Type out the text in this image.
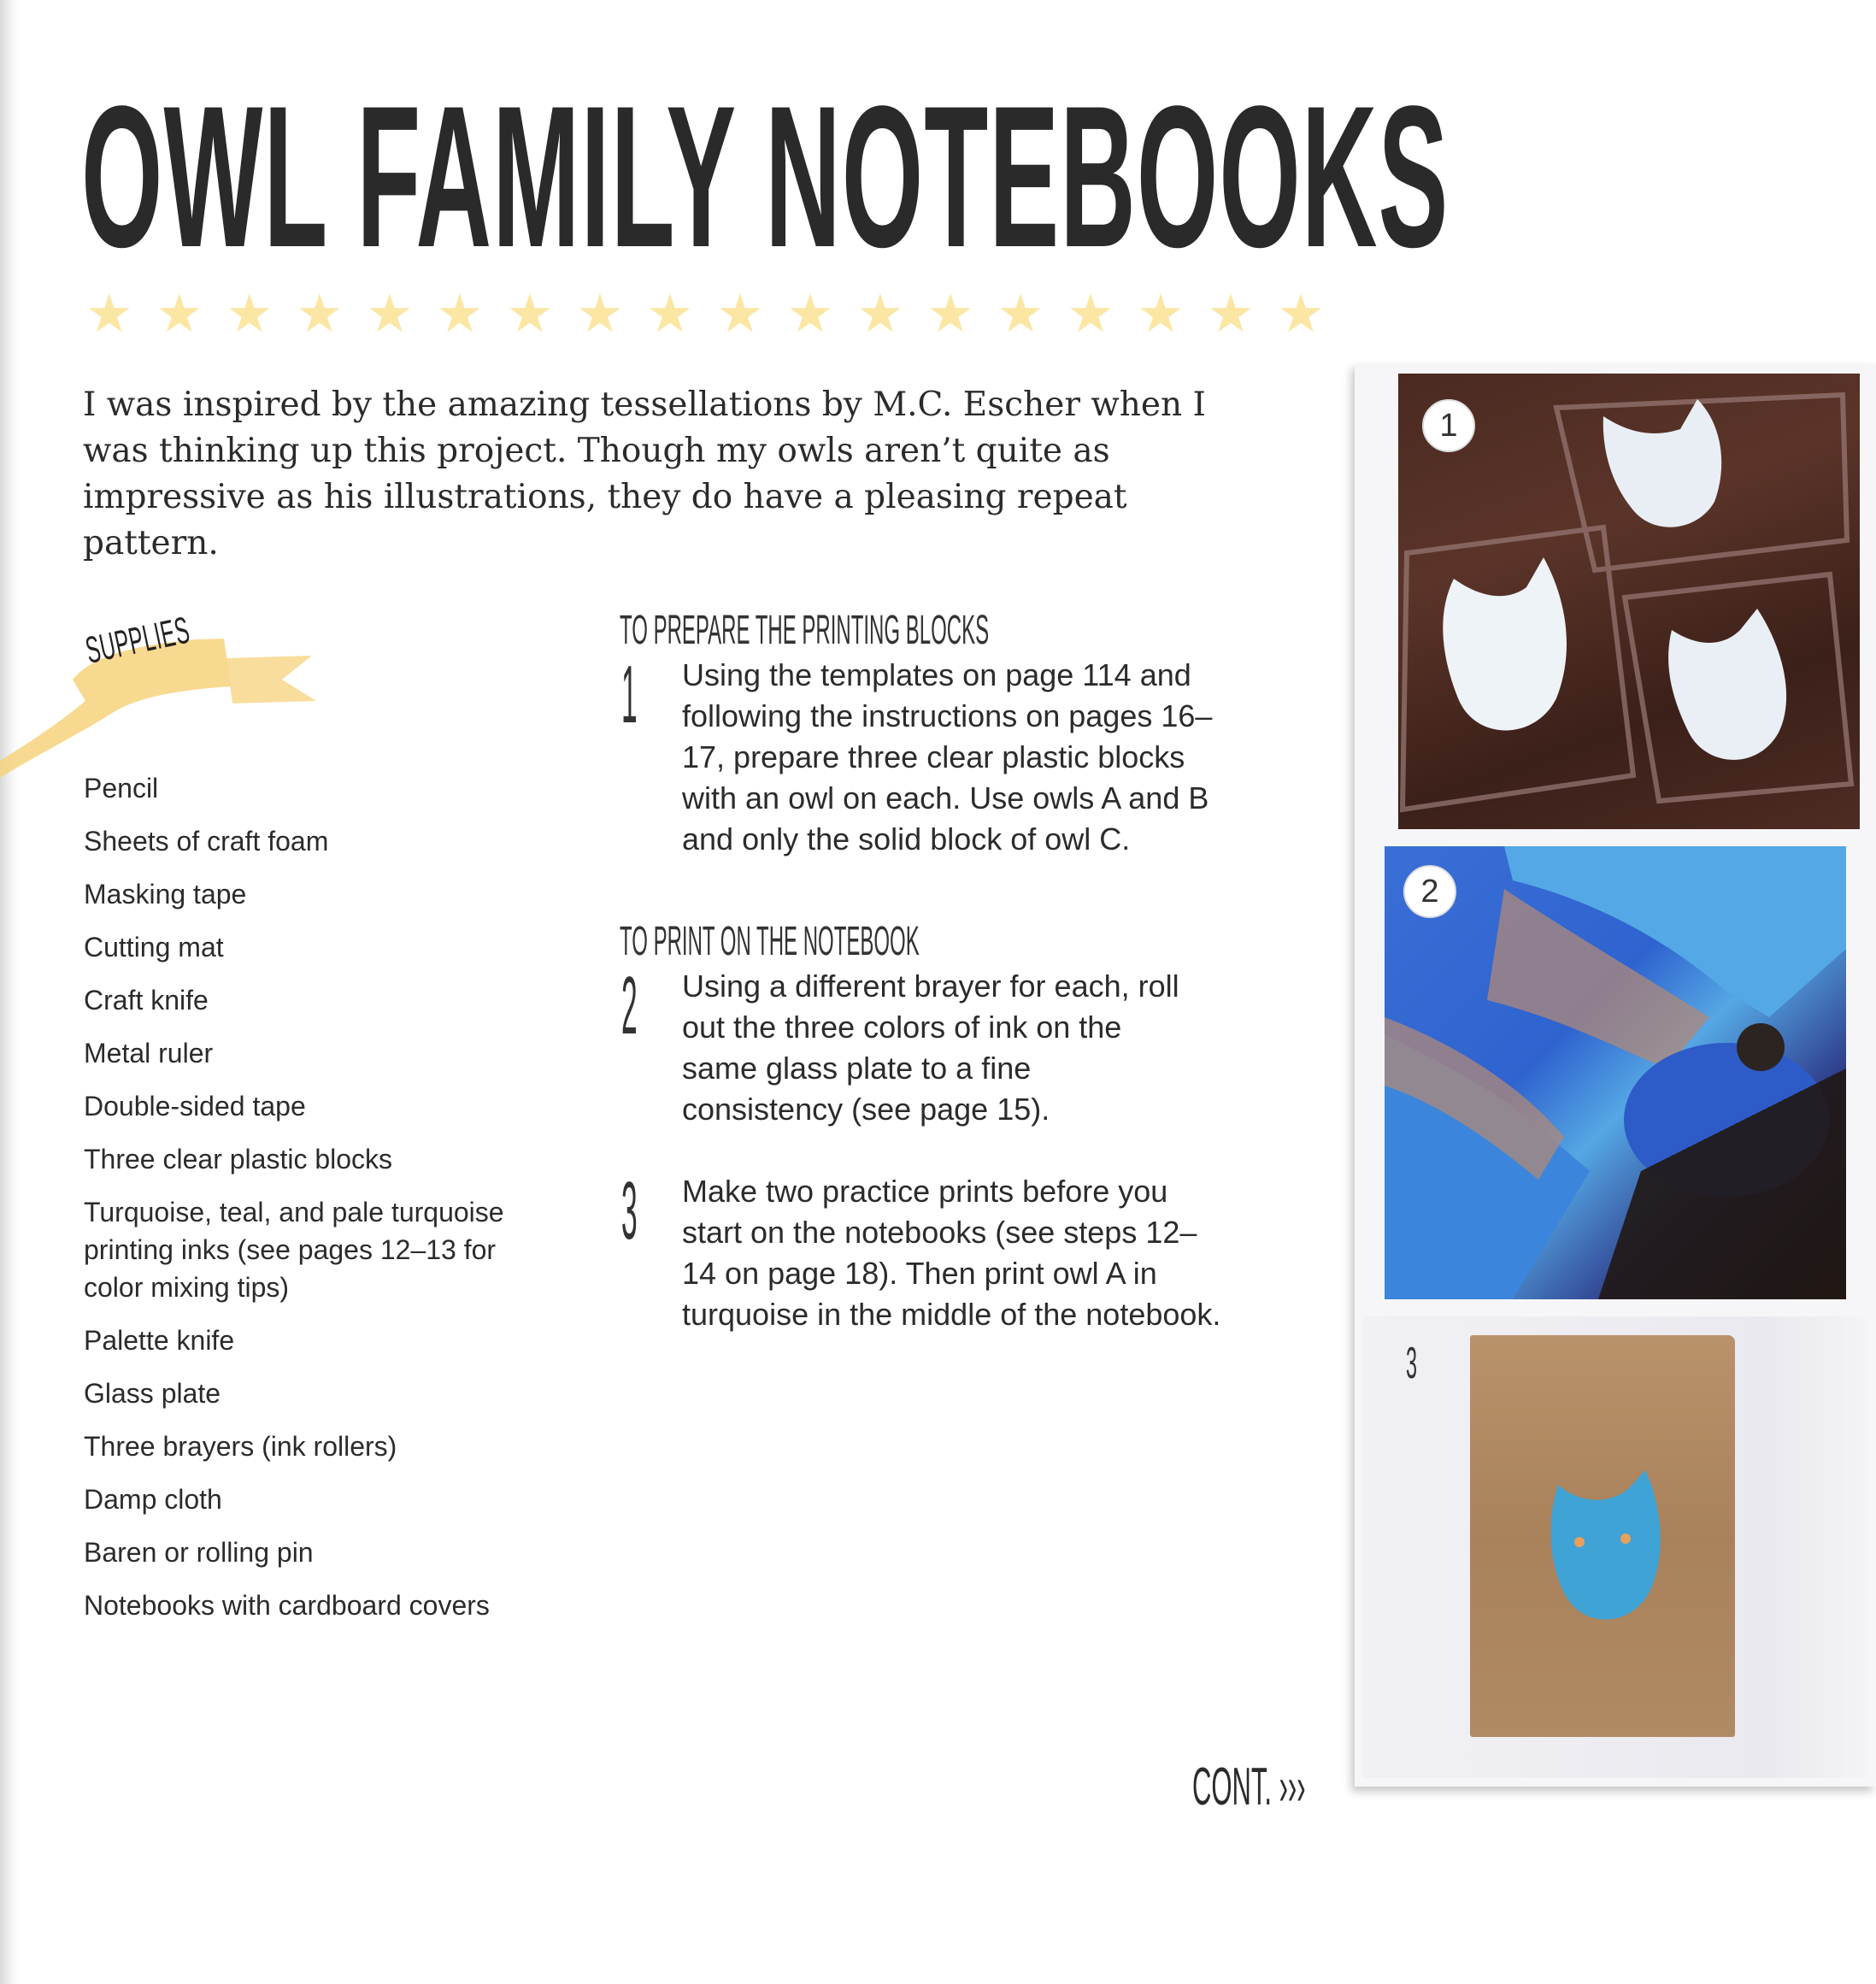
OWL FAMILY NOTEBOOKS
★ ★ ★ ★ ★ ★ ★ ★ ★ ★ ★ ★ ★ ★ ★ ★ ★ ★

I was inspired by the amazing tessellations by M.C. Escher when I was thinking up this project. Though my owls aren’t quite as impressive as his illustrations, they do have a pleasing repeat pattern.

SUPPLIES
Pencil
Sheets of craft foam
Masking tape
Cutting mat
Craft knife
Metal ruler
Double-sided tape
Three clear plastic blocks
Turquoise, teal, and pale turquoise printing inks (see pages 12–13 for color mixing tips)
Palette knife
Glass plate
Three brayers (ink rollers)
Damp cloth
Baren or rolling pin
Notebooks with cardboard covers
TO PREPARE THE PRINTING BLOCKS
1 Using the templates on page 114 and following the instructions on pages 16–17, prepare three clear plastic blocks with an owl on each. Use owls A and B and only the solid block of owl C.

TO PRINT ON THE NOTEBOOK
2 Using a different brayer for each, roll out the three colors of ink on the same glass plate to a fine consistency (see page 15).

3 Make two practice prints before you start on the notebooks (see steps 12–14 on page 18). Then print owl A in turquoise in the middle of the notebook.

CONT. ›››
1
2
3
